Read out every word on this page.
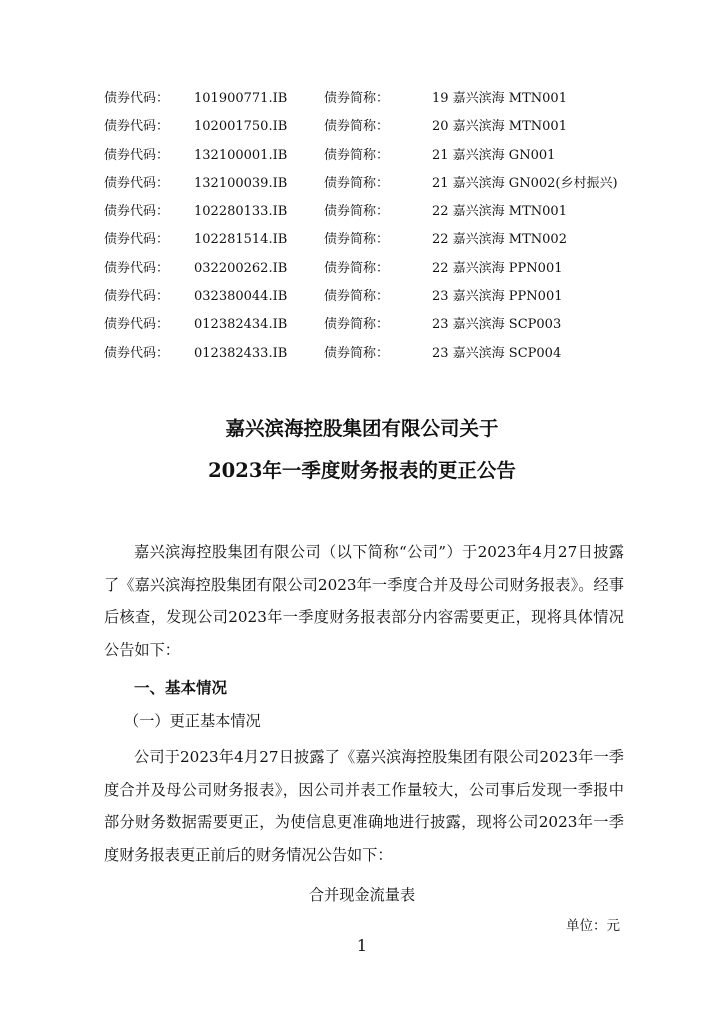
债券代码： 101900771.IB	债券简称：	19 嘉兴滨海 MTN001
债券代码： 102001750.IB	债券简称：	20 嘉兴滨海 MTN001
债券代码： 132100001.IB	债券简称：	21 嘉兴滨海 GN001
债券代码： 132100039.IB	债券简称：	21 嘉兴滨海 GN002(乡村振兴)
债券代码： 102280133.IB	债券简称：	22 嘉兴滨海 MTN001
债券代码： 102281514.IB	债券简称：	22 嘉兴滨海 MTN002
债券代码： 032200262.IB	债券简称：	22 嘉兴滨海 PPN001
债券代码： 032380044.IB	债券简称：	23 嘉兴滨海 PPN001
债券代码： 012382434.IB	债券简称：	23 嘉兴滨海 SCP003
债券代码： 012382433.IB	债券简称：	23 嘉兴滨海 SCP004
嘉兴滨海控股集团有限公司关于
2023年一季度财务报表的更正公告

嘉兴滨海控股集团有限公司（以下简称“公司”）于2023年4月27日披露了《嘉兴滨海控股集团有限公司2023年一季度合并及母公司财务报表》。经事后核查，发现公司2023年一季度财务报表部分内容需要更正，现将具体情况公告如下：

一、基本情况
（一）更正基本情况

公司于2023年4月27日披露了《嘉兴滨海控股集团有限公司2023年一季度合并及母公司财务报表》，因公司并表工作量较大，公司事后发现一季报中部分财务数据需要更正，为使信息更准确地进行披露，现将公司2023年一季度财务报表更正前后的财务情况公告如下：

合并现金流量表
单位：元
1
